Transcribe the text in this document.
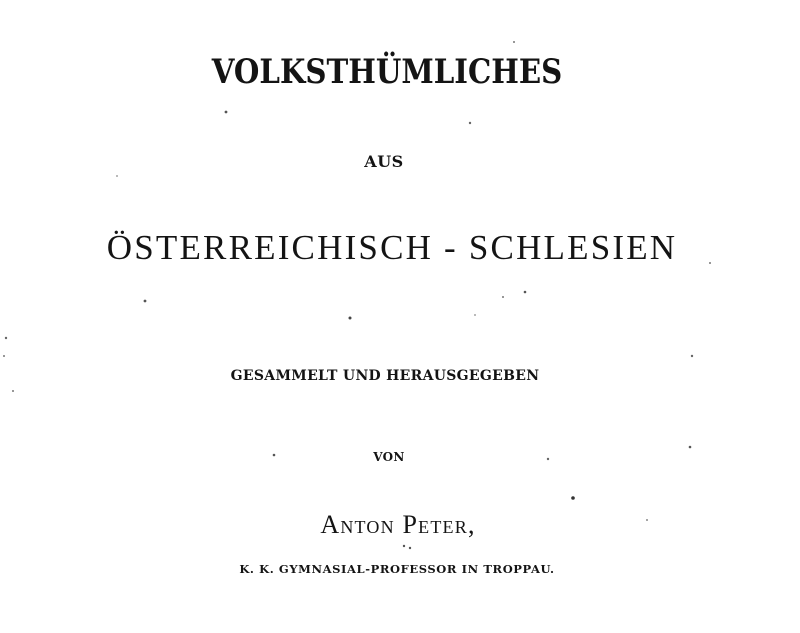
VOLKSTHÜMLICHES

AUS

ÖSTERREICHISCH - SCHLESIEN

GESAMMELT UND HERAUSGEGEBEN

VON

Anton Peter,

K. K. GYMNASIAL-PROFESSOR IN TROPPAU.
